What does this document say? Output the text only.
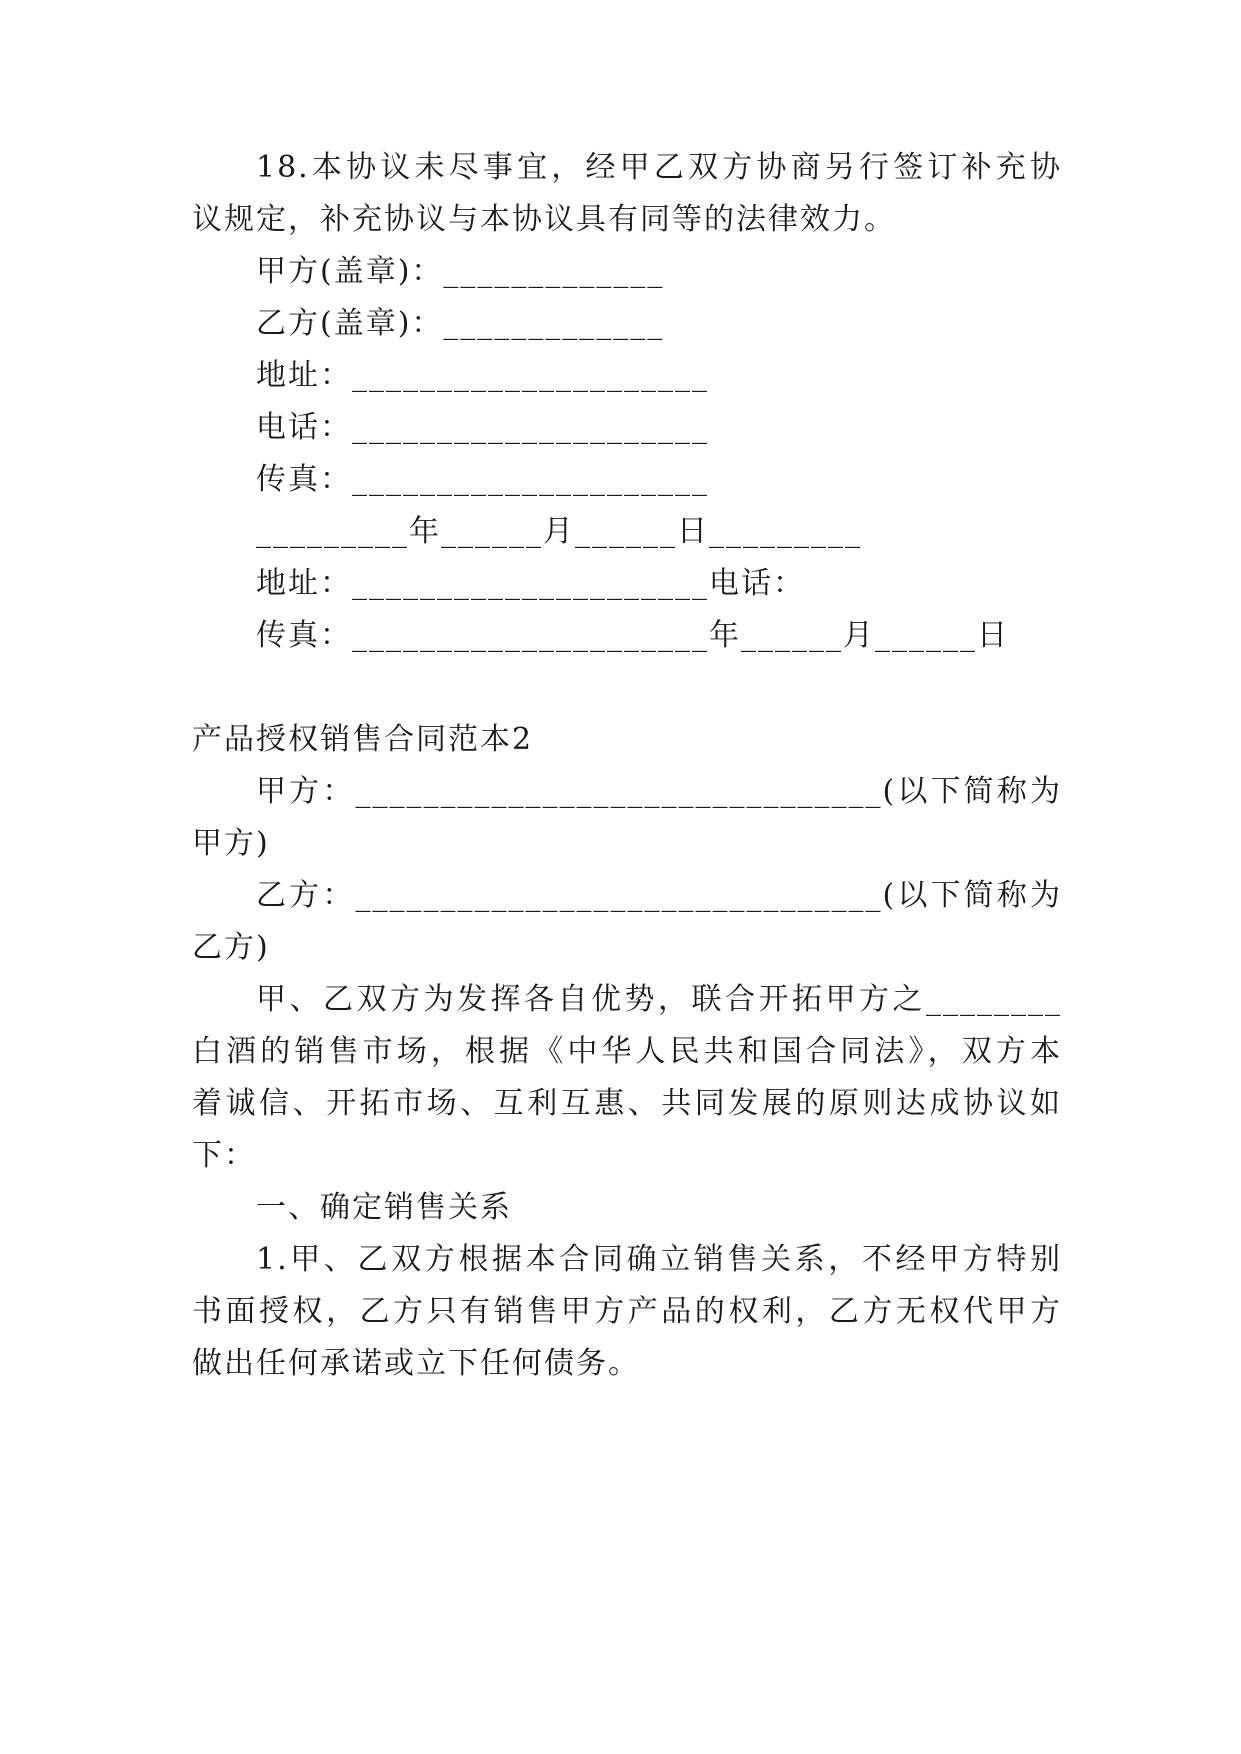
18.本协议未尽事宜，经甲乙双方协商另行签订补充协
议规定，补充协议与本协议具有同等的法律效力。
甲方(盖章)：_____________
乙方(盖章)：_____________
地址：_____________________
电话：_____________________
传真：_____________________
_________年______月______日_________
地址：_____________________电话：
传真：_____________________年______月______日
产品授权销售合同范本2
甲方：_______________________________(以下简称为
甲方)
乙方：_______________________________(以下简称为
乙方)
甲、乙双方为发挥各自优势，联合开拓甲方之________
白酒的销售市场，根据《中华人民共和国合同法》，双方本
着诚信、开拓市场、互利互惠、共同发展的原则达成协议如
下：
一、确定销售关系
1.甲、乙双方根据本合同确立销售关系，不经甲方特别
书面授权，乙方只有销售甲方产品的权利，乙方无权代甲方
做出任何承诺或立下任何债务。
